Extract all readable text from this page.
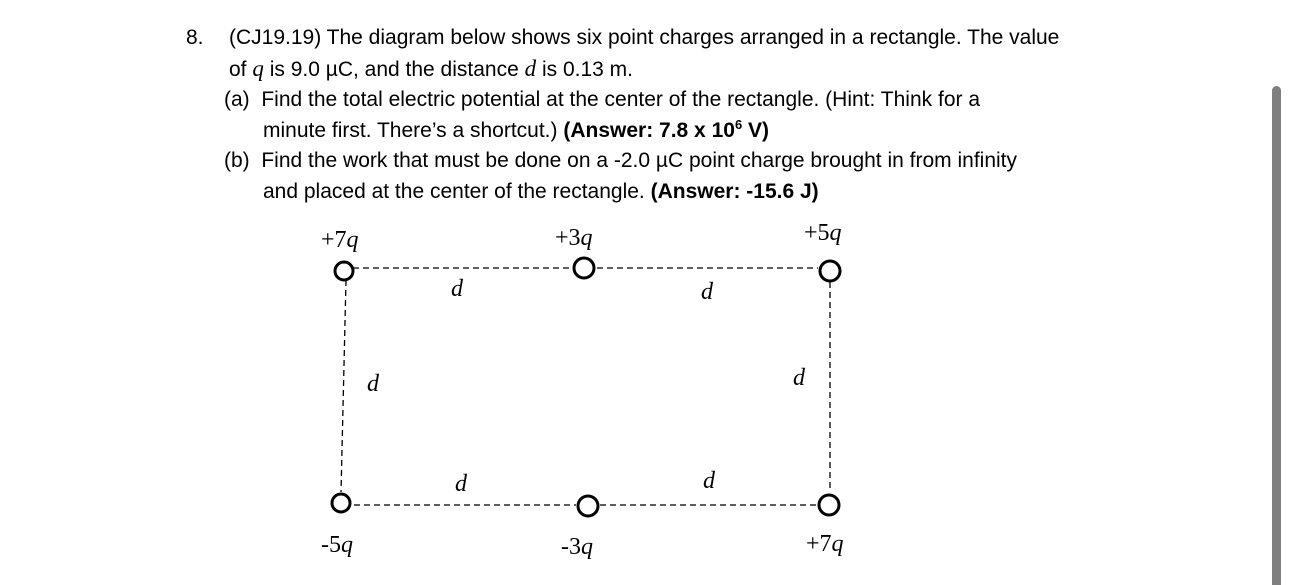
8. (CJ19.19) The diagram below shows six point charges arranged in a rectangle. The value
of q is 9.0 µC, and the distance d is 0.13 m.
(a) Find the total electric potential at the center of the rectangle. (Hint: Think for a
minute first. There’s a shortcut.) (Answer: 7.8 x $10^6$ V)
(b) Find the work that must be done on a -2.0 µC point charge brought in from infinity
and placed at the center of the rectangle. (Answer: -15.6 J)
+7q	+3q	+5q
-5q	-3q	+7q
d	d
d	d
d	d
